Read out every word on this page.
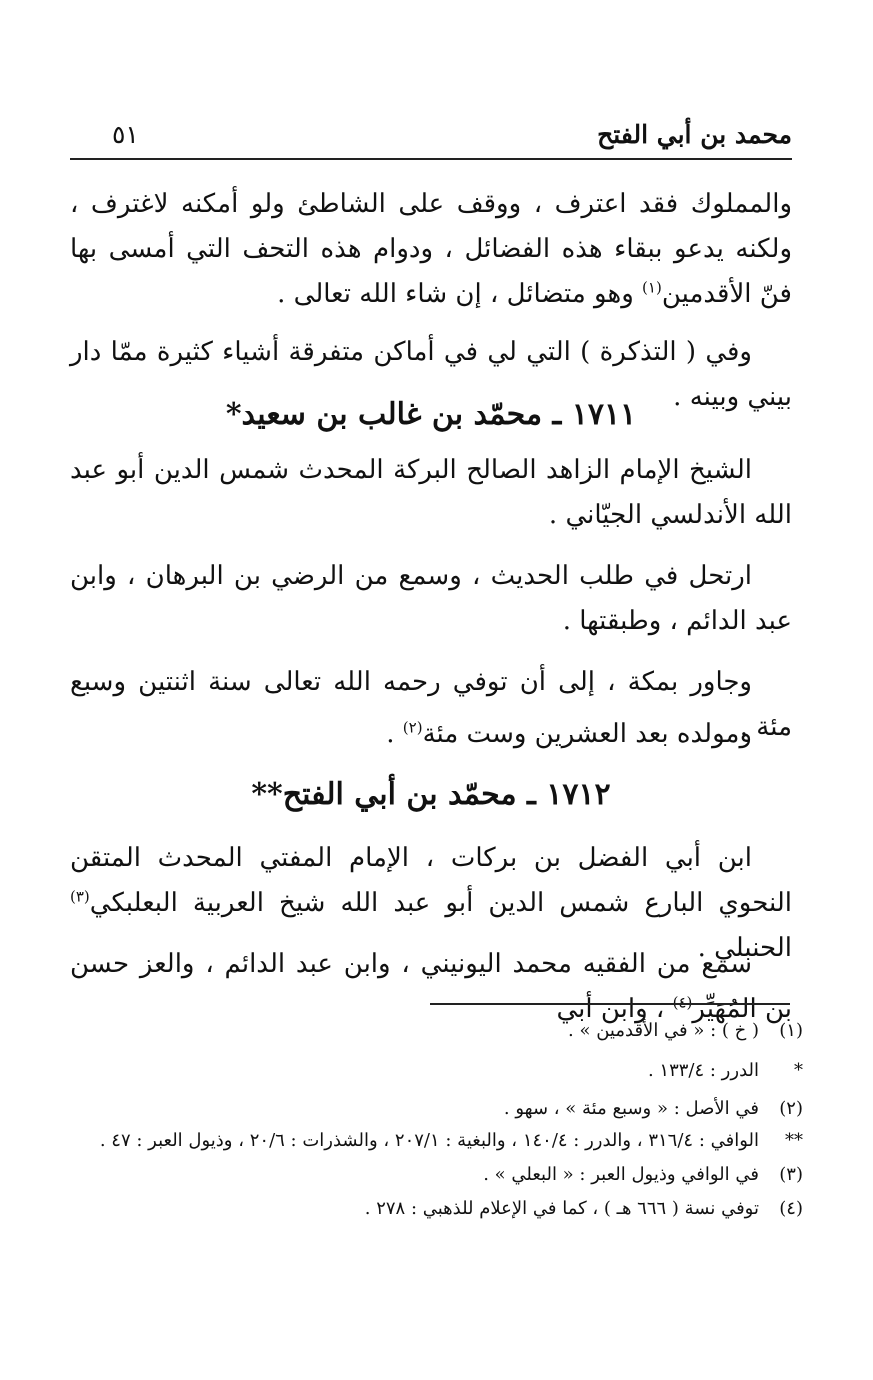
محمد بن أبي الفتح
٥١

والمملوك فقد اعترف ، ووقف على الشاطئ ولو أمكنه لاغترف ، ولكنه يدعو ببقاء هذه الفضائل ، ودوام هذه التحف التي أمسى بها فنّ الأقدمين$^{(١)}$ وهو متضائل ، إن شاء الله تعالى .

وفي ( التذكرة ) التي لي في أماكن متفرقة أشياء كثيرة ممّا دار بيني وبينه .

١٧١١ ـ محمّد بن غالب بن سعيد*

الشيخ الإمام الزاهد الصالح البركة المحدث شمس الدين أبو عبد الله الأندلسي الجيّاني .

ارتحل في طلب الحديث ، وسمع من الرضي بن البرهان ، وابن عبد الدائم ، وطبقتها .

وجاور بمكة ، إلى أن توفي رحمه الله تعالى سنة اثنتين وسبع مئة .

ومولده بعد العشرين وست مئة$^{(٢)}$ .

١٧١٢ ـ محمّد بن أبي الفتح**

ابن أبي الفضل بن بركات ، الإمام المفتي المحدث المتقن النحوي البارع شمس الدين أبو عبد الله شيخ العربية البعلبكي$^{(٣)}$ الحنبلي .

سمع من الفقيه محمد اليونيني ، وابن عبد الدائم ، والعز حسن بن المُهَيِّر$^{(٤)}$ ، وابن أبي

(١)
( خ ) : « في الأقدمين » .
*
الدرر : ١٣٣/٤ .
(٢)
في الأصل : « وسبع مئة » ، سهو .
**
الوافي : ٣١٦/٤ ، والدرر : ١٤٠/٤ ، والبغية : ٢٠٧/١ ، والشذرات : ٢٠/٦ ، وذيول العبر : ٤٧ .
(٣)
في الوافي وذيول العبر : « البعلي » .
(٤)
توفي نسة ( ٦٦٦ هـ ) ، كما في الإعلام للذهبي : ٢٧٨ .
